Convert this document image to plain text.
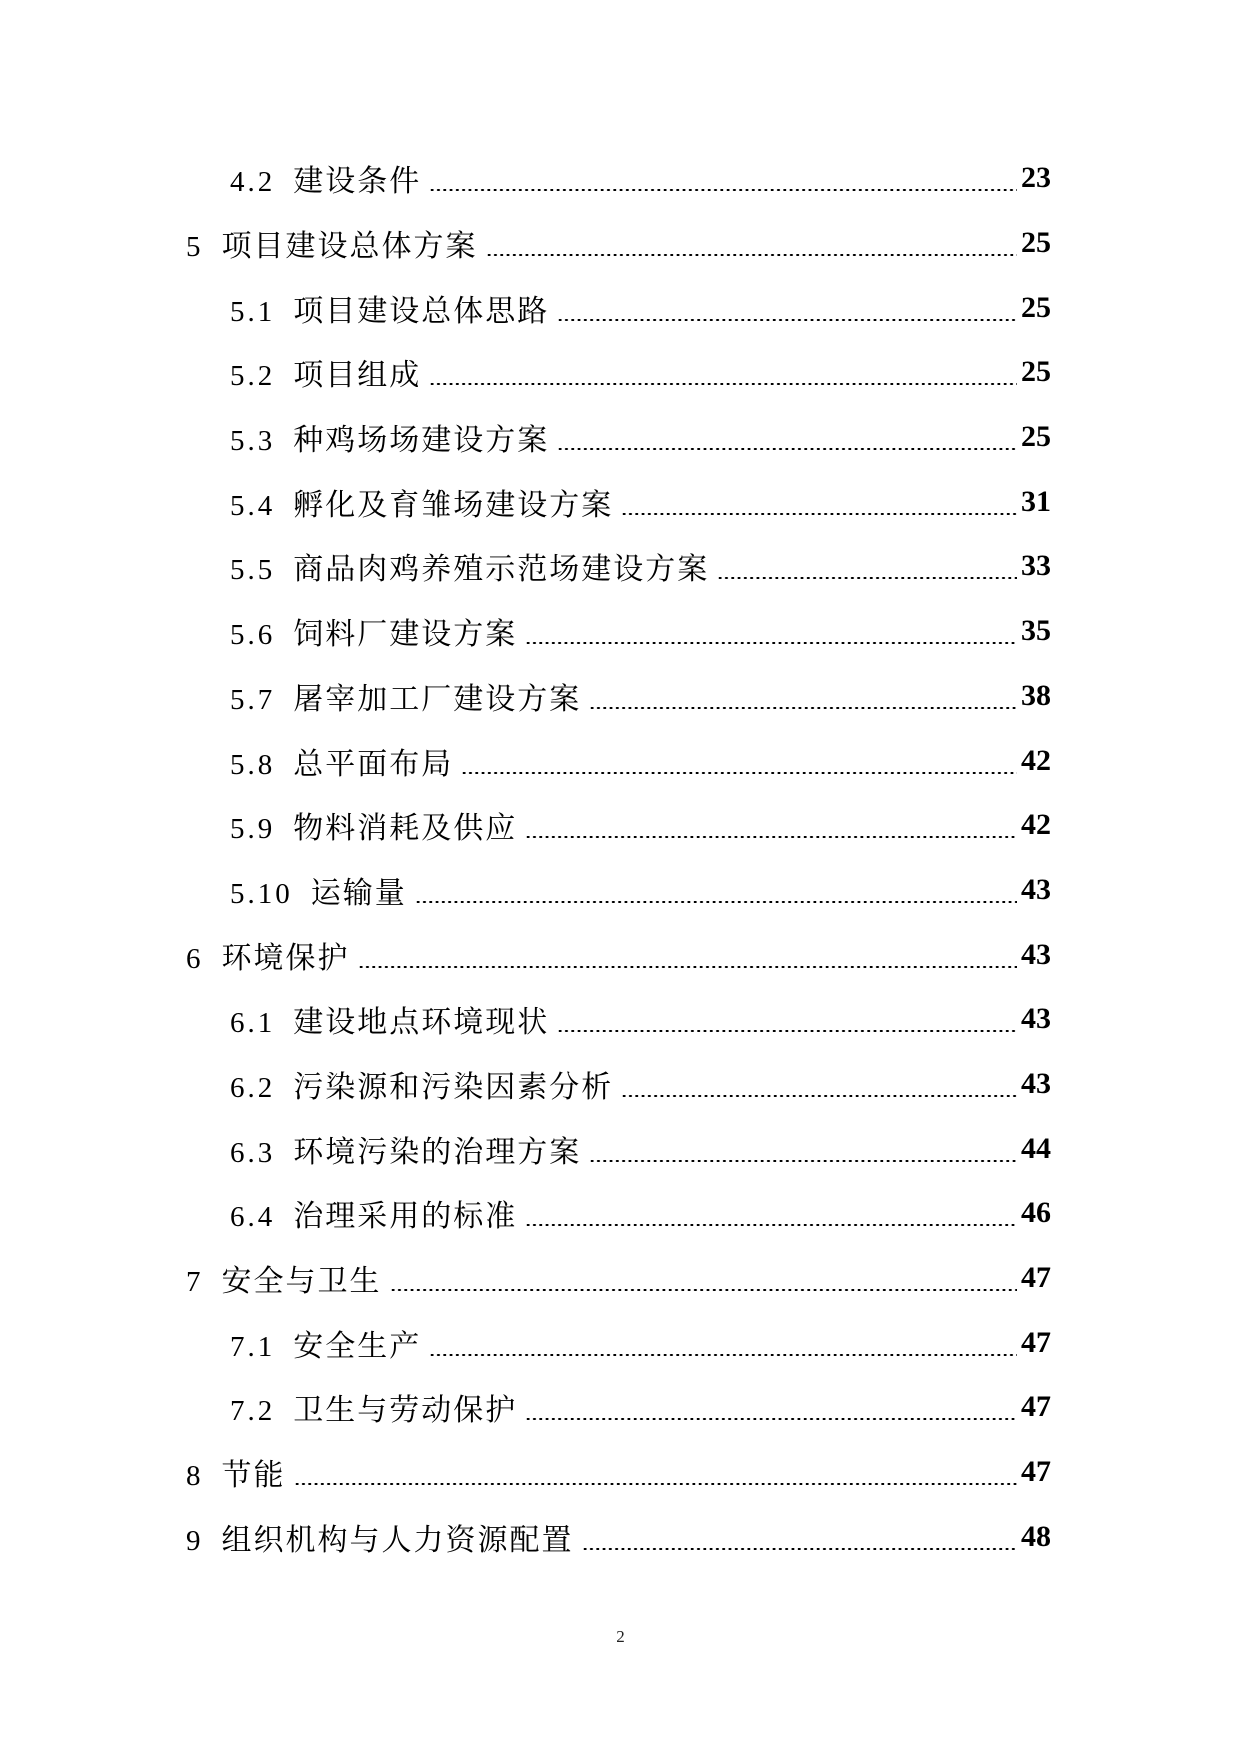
4.2 建设条件	23
5 项目建设总体方案	25
5.1 项目建设总体思路	25
5.2 项目组成	25
5.3 种鸡场场建设方案	25
5.4 孵化及育雏场建设方案	31
5.5 商品肉鸡养殖示范场建设方案	33
5.6 饲料厂建设方案	35
5.7 屠宰加工厂建设方案	38
5.8 总平面布局	42
5.9 物料消耗及供应	42
5.10 运输量	43
6 环境保护	43
6.1 建设地点环境现状	43
6.2 污染源和污染因素分析	43
6.3 环境污染的治理方案	44
6.4 治理采用的标准	46
7 安全与卫生	47
7.1 安全生产	47
7.2 卫生与劳动保护	47
8 节能	47
9 组织机构与人力资源配置	48
2
